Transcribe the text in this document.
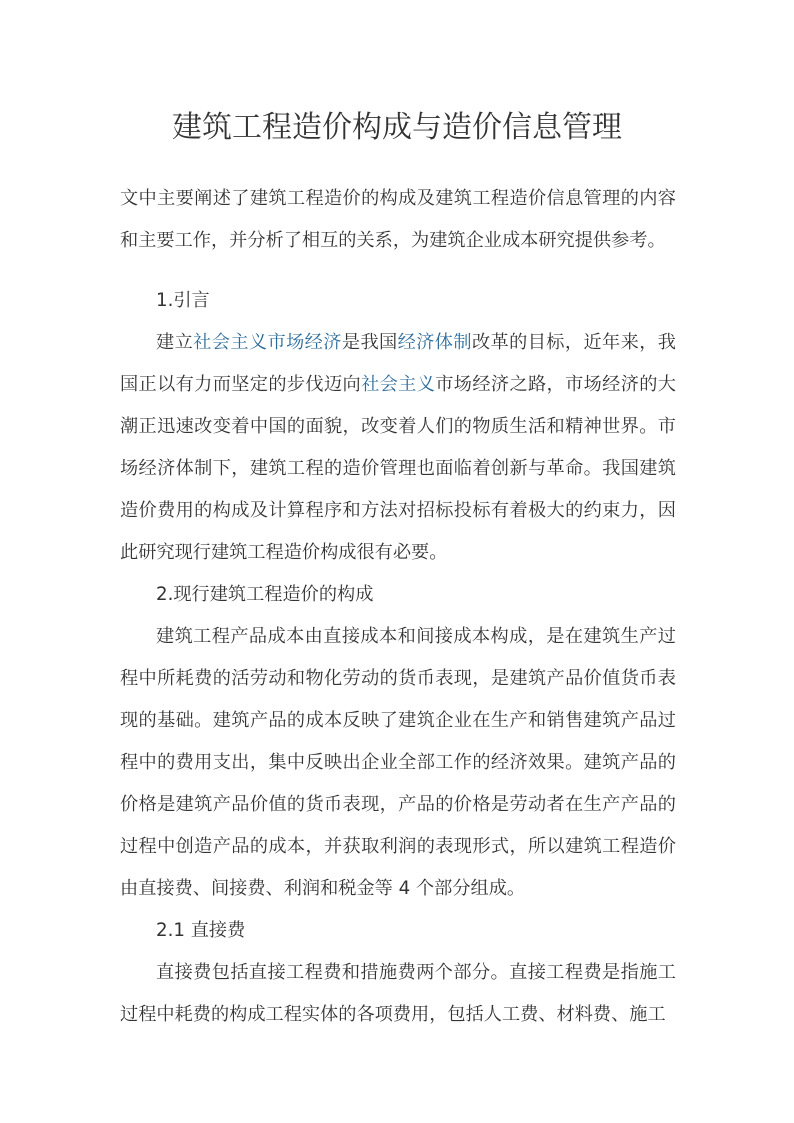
建筑工程造价构成与造价信息管理

文中主要阐述了建筑工程造价的构成及建筑工程造价信息管理的内容和主要工作，并分析了相互的关系，为建筑企业成本研究提供参考。

1.引言

建立社会主义市场经济是我国经济体制改革的目标，近年来，我国正以有力而坚定的步伐迈向社会主义市场经济之路，市场经济的大潮正迅速改变着中国的面貌，改变着人们的物质生活和精神世界。市场经济体制下，建筑工程的造价管理也面临着创新与革命。我国建筑造价费用的构成及计算程序和方法对招标投标有着极大的约束力，因此研究现行建筑工程造价构成很有必要。

2.现行建筑工程造价的构成

建筑工程产品成本由直接成本和间接成本构成，是在建筑生产过程中所耗费的活劳动和物化劳动的货币表现，是建筑产品价值货币表现的基础。建筑产品的成本反映了建筑企业在生产和销售建筑产品过程中的费用支出，集中反映出企业全部工作的经济效果。建筑产品的价格是建筑产品价值的货币表现，产品的价格是劳动者在生产产品的过程中创造产品的成本，并获取利润的表现形式，所以建筑工程造价由直接费、间接费、利润和税金等 4 个部分组成。

2.1 直接费

直接费包括直接工程费和措施费两个部分。直接工程费是指施工过程中耗费的构成工程实体的各项费用，包括人工费、材料费、施工
